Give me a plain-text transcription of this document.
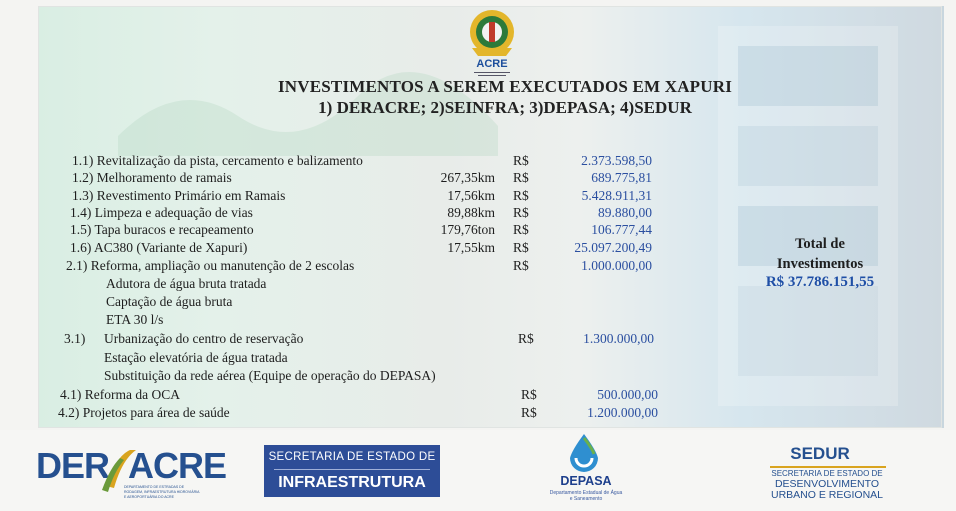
ACRE
INVESTIMENTOS A SEREM EXECUTADOS EM XAPURI
1) DERACRE; 2)SEINFRA; 3)DEPASA; 4)SEDUR
1.1) Revitalização da pista, cercamento e balizamento	R$	2.373.598,50
1.2) Melhoramento de ramais	267,35km R$	689.775,81
1.3) Revestimento Primário em Ramais	17,56km R$	5.428.911,31
1.4) Limpeza e adequação de vias	89,88km R$	89.880,00
1.5) Tapa buracos e recapeamento	179,76ton R$	106.777,44
1.6) AC380 (Variante de Xapuri)	17,55km R$	25.097.200,49
2.1) Reforma, ampliação ou manutenção de 2 escolas	R$	1.000.000,00
Adutora de água bruta tratada
Captação de água bruta
ETA 30 l/s
3.1) Urbanização do centro de reservação	R$	1.300.000,00
Estação elevatória de água tratada
Substituição da rede aérea (Equipe de operação do DEPASA)
4.1) Reforma da OCA	R$	500.000,00
4.2) Projetos para área de saúde	R$	1.200.000,00
Total de
Investimentos
R$ 37.786.151,55
DER ACRE
DEPARTAMENTO DE ESTRADAS DE
RODAGEM, INFRAESTRUTURA HIDROVIÁRIA
E AEROPORTUÁRIA DO ACRE
SECRETARIA DE ESTADO DE
INFRAESTRUTURA	DEPASA
Departamento Estadual de Água e Saneamento
SEDUR
SECRETARIA DE ESTADO DE
DESENVOLVIMENTO
URBANO E REGIONAL
